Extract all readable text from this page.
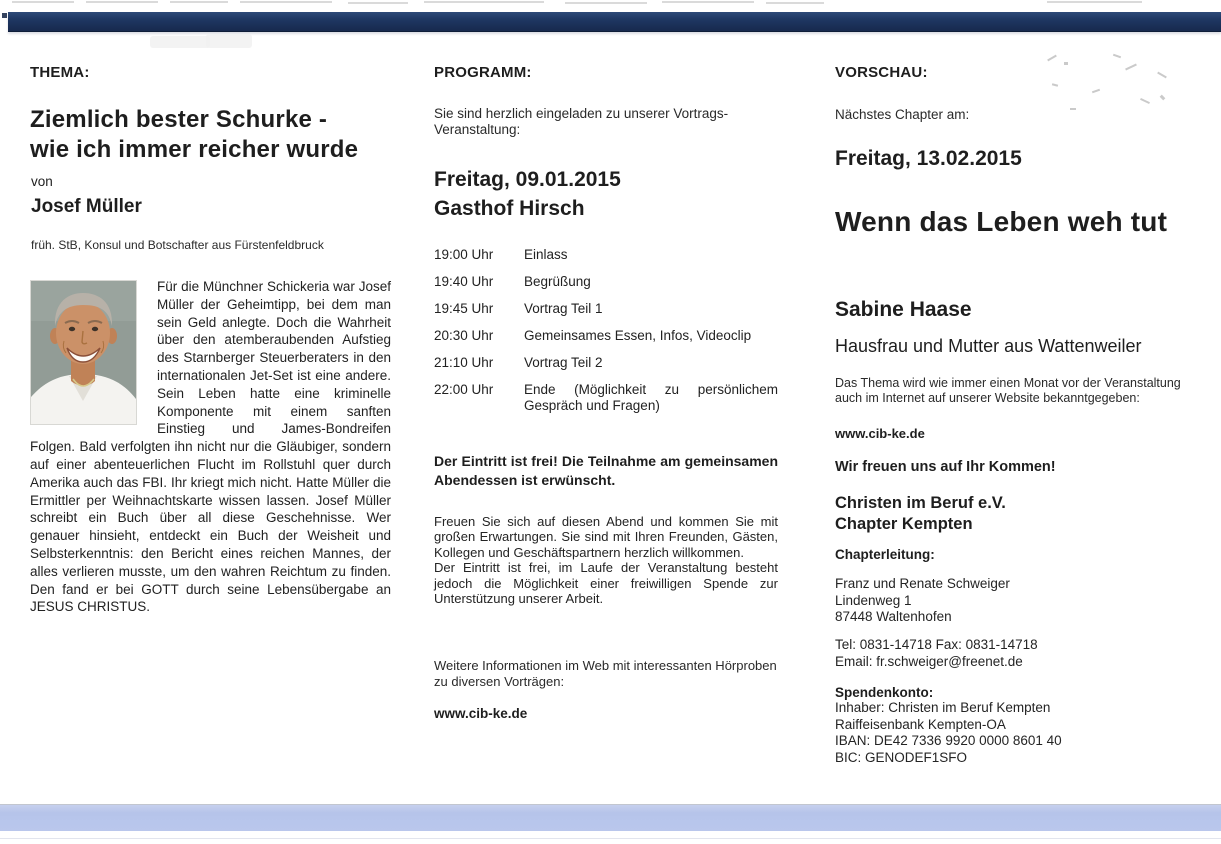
THEMA:
Ziemlich bester Schurke -
wie ich immer reicher wurde
von
Josef Müller
früh. StB, Konsul und Botschafter aus Fürstenfeldbruck
Für die Münchner Schickeria war Josef Müller der Geheimtipp, bei dem man sein Geld anlegte. Doch die Wahrheit über den atemberaubenden Aufstieg des Starnberger Steuerberaters in den internationalen Jet-Set ist eine andere. Sein Leben hatte eine kriminelle Komponente mit einem sanften Einstieg und James-Bondreifen Folgen. Bald verfolgten ihn nicht nur die Gläubiger, sondern auf einer abenteuerlichen Flucht im Rollstuhl quer durch Amerika auch das FBI. Ihr kriegt mich nicht. Hatte Müller die Ermittler per Weihnachtskarte wissen lassen. Josef Müller schreibt ein Buch über all diese Geschehnisse. Wer genauer hinsieht, entdeckt ein Buch der Weisheit und Selbsterkenntnis: den Bericht eines reichen Mannes, der alles verlieren musste, um den wahren Reichtum zu finden. Den fand er bei GOTT durch seine Lebensübergabe an JESUS CHRISTUS.
PROGRAMM:
Sie sind herzlich eingeladen zu unserer Vortrags-Veranstaltung:
Freitag, 09.01.2015
Gasthof Hirsch
19:00 Uhr	Einlass
19:40 Uhr	Begrüßung
19:45 Uhr	Vortrag Teil 1
20:30 Uhr	Gemeinsames Essen, Infos, Videoclip
21:10 Uhr	Vortrag Teil 2
22:00 Uhr	Ende (Möglichkeit zu persönlichem Gespräch und Fragen)
Der Eintritt ist frei! Die Teilnahme am gemeinsamen Abendessen ist erwünscht.
Freuen Sie sich auf diesen Abend und kommen Sie mit großen Erwartungen. Sie sind mit Ihren Freunden, Gästen, Kollegen und Geschäftspartnern herzlich willkommen.
Der Eintritt ist frei, im Laufe der Veranstaltung besteht jedoch die Möglichkeit einer freiwilligen Spende zur Unterstützung unserer Arbeit.
Weitere Informationen im Web mit interessanten Hörproben zu diversen Vorträgen:
www.cib-ke.de
VORSCHAU:
Nächstes Chapter am:
Freitag, 13.02.2015
Wenn das Leben weh tut
Sabine Haase
Hausfrau und Mutter aus Wattenweiler
Das Thema wird wie immer einen Monat vor der Veranstaltung auch im Internet auf unserer Website bekanntgegeben:
www.cib-ke.de
Wir freuen uns auf Ihr Kommen!
Christen im Beruf e.V.
Chapter Kempten
Chapterleitung:
Franz und Renate Schweiger
Lindenweg 1
87448 Waltenhofen
Tel: 0831-14718 Fax: 0831-14718
Email: fr.schweiger@freenet.de
Spendenkonto:
Inhaber: Christen im Beruf Kempten
Raiffeisenbank Kempten-OA
IBAN: DE42 7336 9920 0000 8601 40
BIC: GENODEF1SFO
